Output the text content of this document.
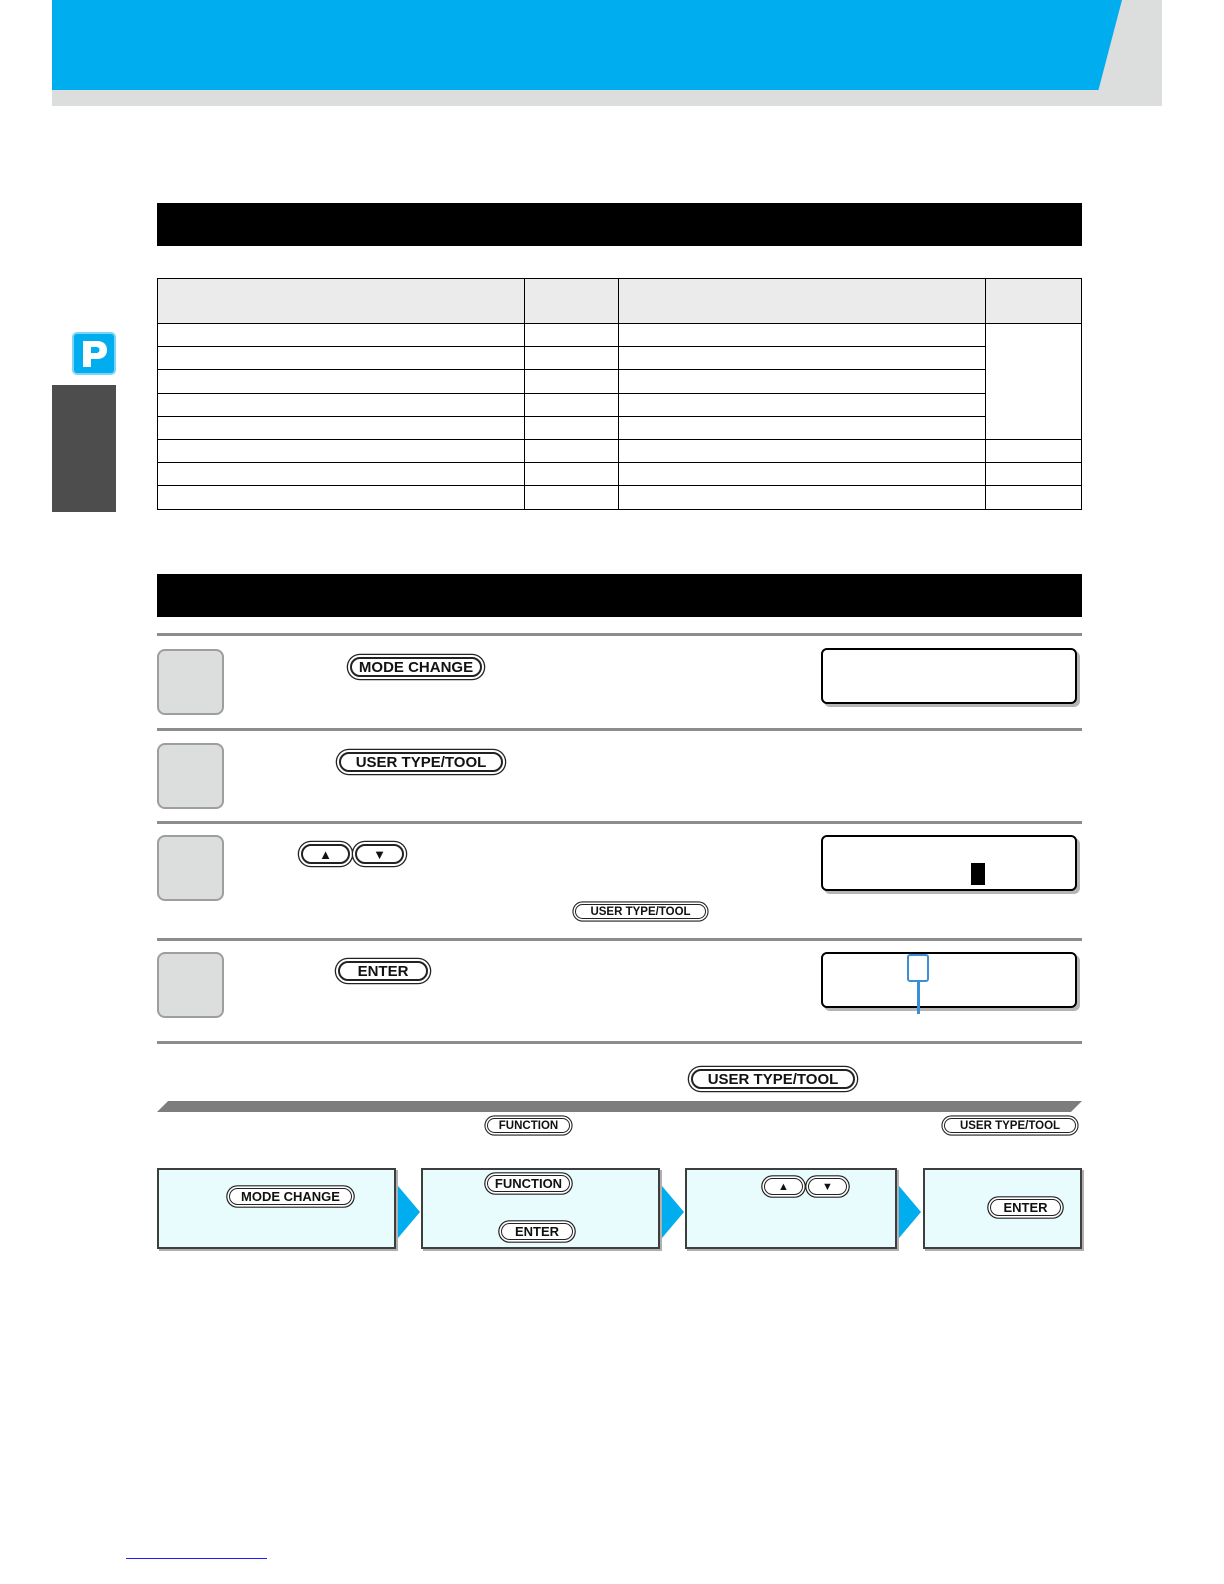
MODE CHANGE
USER TYPE/TOOL
▲	▼
USER TYPE/TOOL
ENTER
USER TYPE/TOOL
FUNCTION	USER TYPE/TOOL
MODE CHANGE
FUNCTION
ENTER
▲	▼
ENTER
